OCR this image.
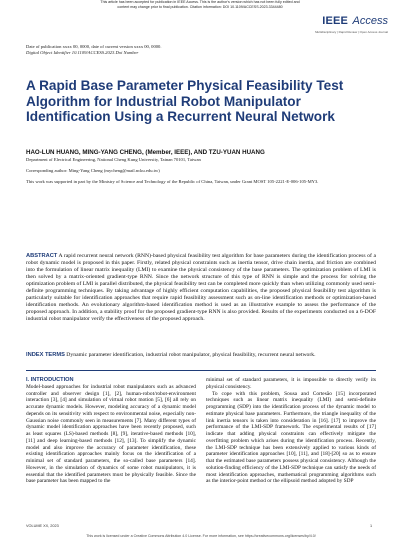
This article has been accepted for publication in IEEE Access. This is the author's version which has not been fully edited and
content may change prior to final publication. Citation information: DOI 10.1109/ACCESS.2023.3344480
IEEE Access
Multidisciplinary | Rapid Review | Open Access Journal
Date of publication xxxx 00, 0000, date of current version xxxx 00, 0000.
Digital Object Identifier 10.1109/ACCESS.2023.Doi Number
A Rapid Base Parameter Physical Feasibility Test Algorithm for Industrial Robot Manipulator Identification Using a Recurrent Neural Network
HAO-LUN HUANG, MING-YANG CHENG, (Member, IEEE), AND TZU-YUAN HUANG
Department of Electrical Engineering, National Cheng Kung University, Tainan 70101, Taiwan
Corresponding author: Ming-Yang Cheng (mycheng@mail.ncku.edu.tw)
This work was supported in part by the Ministry of Science and Technology of the Republic of China, Taiwan, under Grant MOST 105-2221-E-006-105-MY3.
ABSTRACT A rapid recurrent neural network (RNN)-based physical feasibility test algorithm for base parameters during the identification process of a robot dynamic model is proposed in this paper. Firstly, related physical constraints such as inertia tensor, drive chain inertia, and friction are combined into the formulation of linear matrix inequality (LMI) to examine the physical consistency of the base parameters. The optimization problem of LMI is then solved by a matrix-oriented gradient-type RNN. Since the network structure of this type of RNN is simple and the process for solving the optimization problem of LMI is parallel distributed, the physical feasibility test can be completed more quickly than when utilizing commonly used semi-definite programming techniques. By taking advantage of highly efficient computation capabilities, the proposed physical feasibility test algorithm is particularly suitable for identification approaches that require rapid feasibility assessment such as on-line identification methods or optimization-based identification methods. An evolutionary algorithm-based identification method is used as an illustrative example to assess the performance of the proposed approach. In addition, a stability proof for the proposed gradient-type RNN is also provided. Results of the experiments conducted on a 6-DOF industrial robot manipulator verify the effectiveness of the proposed approach.
INDEX TERMS Dynamic parameter identification, industrial robot manipulator, physical feasibility, recurrent neural network.
I. INTRODUCTION

Model-based approaches for industrial robot manipulators such as advanced controller and observer design [1], [2], human-robot/robot-environment interaction [3], [4] and simulation of virtual robot motion [5], [6] all rely on accurate dynamic models. However, modeling accuracy of a dynamic model depends on its sensitivity with respect to environmental noise, especially non-Gaussian noise commonly seen in measurements [7]. Many different types of dynamic model identification approaches have been recently proposed, such as least squares (LS)-based methods [8], [9], iterative-based methods [10], [11] and deep learning-based methods [12], [13]. To simplify the dynamic model and also improve the accuracy of parameter identification, these existing identification approaches mainly focus on the identification of a minimal set of standard parameters, the so-called base parameters [14]. However, in the simulation of dynamics of some robot manipulators, it is essential that the identified parameters must be physically feasible. Since the base parameter has been mapped to the

minimal set of standard parameters, it is impossible to directly verify its physical consistency.

To cope with this problem, Sousa and Cortesão [15] incorporated techniques such as linear matrix inequality (LMI) and semi-definite programming (SDP) into the identification process of the dynamic model to estimate physical base parameters. Furthermore, the triangle inequality of the link inertia tensors is taken into consideration in [16]. [17] to improve the performance of the LMI-SDP framework. The experimental results of [17] indicate that adding physical constraints can effectively mitigate the overfitting problem which arises during the identification process. Recently, the LMI-SDP technique has been extensively applied to various kinds of parameter identification approaches [10], [11], and [18]-[20] so as to ensure that the estimated base parameters possess physical consistency. Although the solution-finding efficiency of the LMI-SDP technique can satisfy the needs of most identification approaches, mathematical programming algorithms such as the interior-point method or the ellipsoid method adopted by SDP

VOLUME XX, 2023	1
This work is licensed under a Creative Commons Attribution 4.0 License. For more information, see https://creativecommons.org/licenses/by/4.0/
